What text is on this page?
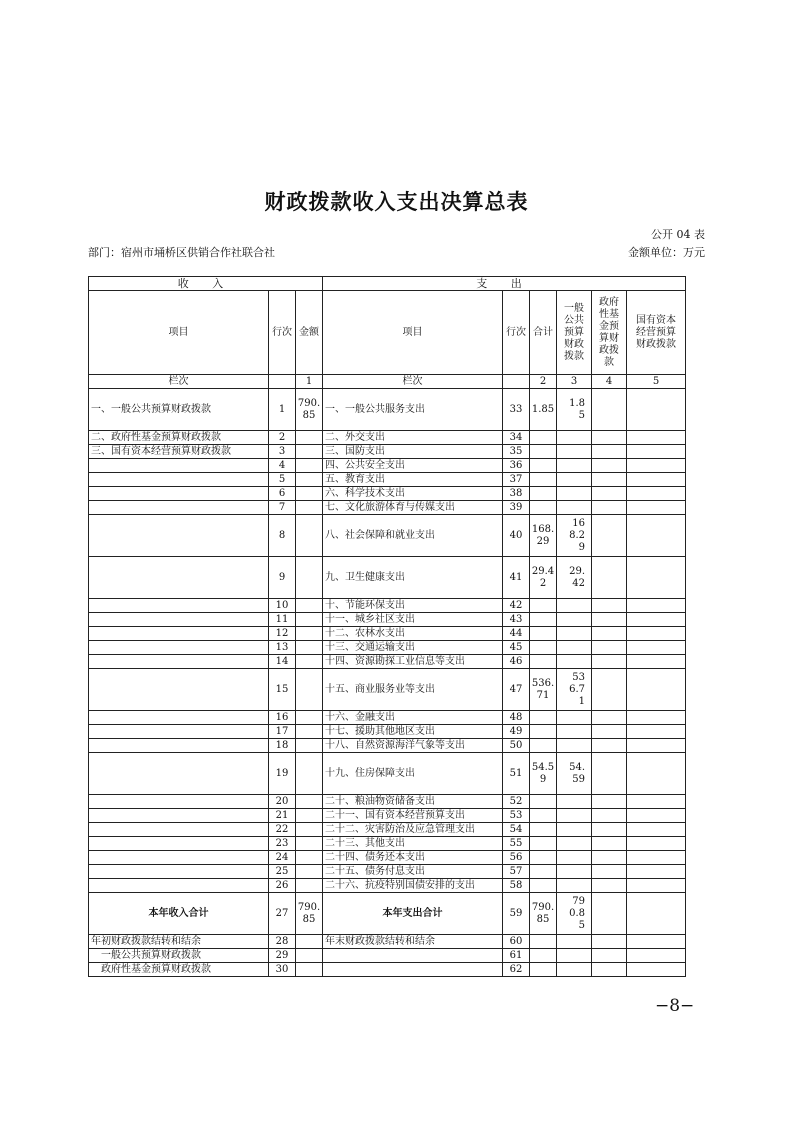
财政拨款收入支出决算总表
公开 04 表
部门：宿州市埇桥区供销合作社联合社	金额单位：万元
收 入			支 出					
项目	行次	金额	项目	行次	合计	一般公共预算财政拨款	政府性基金预算财政拨款	国有资本经营预算财政拨款
栏次		1	栏次		2	3	4	5
一、一般公共预算财政拨款	1	790.85	一、一般公共服务支出	33	1.85	1.85		
二、政府性基金预算财政拨款	2		二、外交支出	34				
三、国有资本经营预算财政拨款	3		三、国防支出	35				
	4		四、公共安全支出	36				
	5		五、教育支出	37				
	6		六、科学技术支出	38				
	7		七、文化旅游体育与传媒支出	39				
	8		八、社会保障和就业支出	40	168.29	168.29		
	9		九、卫生健康支出	41	29.42	29.42		
	10		十、节能环保支出	42				
	11		十一、城乡社区支出	43				
	12		十二、农林水支出	44				
	13		十三、交通运输支出	45				
	14		十四、资源勘探工业信息等支出	46				
	15		十五、商业服务业等支出	47	536.71	536.71		
	16		十六、金融支出	48				
	17		十七、援助其他地区支出	49				
	18		十八、自然资源海洋气象等支出	50				
	19		十九、住房保障支出	51	54.59	54.59		
	20		二十、粮油物资储备支出	52				
	21		二十一、国有资本经营预算支出	53				
	22		二十二、灾害防治及应急管理支出	54				
	23		二十三、其他支出	55				
	24		二十四、债务还本支出	56				
	25		二十五、债务付息支出	57				
	26		二十六、抗疫特别国债安排的支出	58				
本年收入合计	27	790.85	本年支出合计	59	790.85	790.85		
年初财政拨款结转和结余	28		年末财政拨款结转和结余	60				
一般公共预算财政拨款	29			61				
政府性基金预算财政拨款	30			62				
−8−
